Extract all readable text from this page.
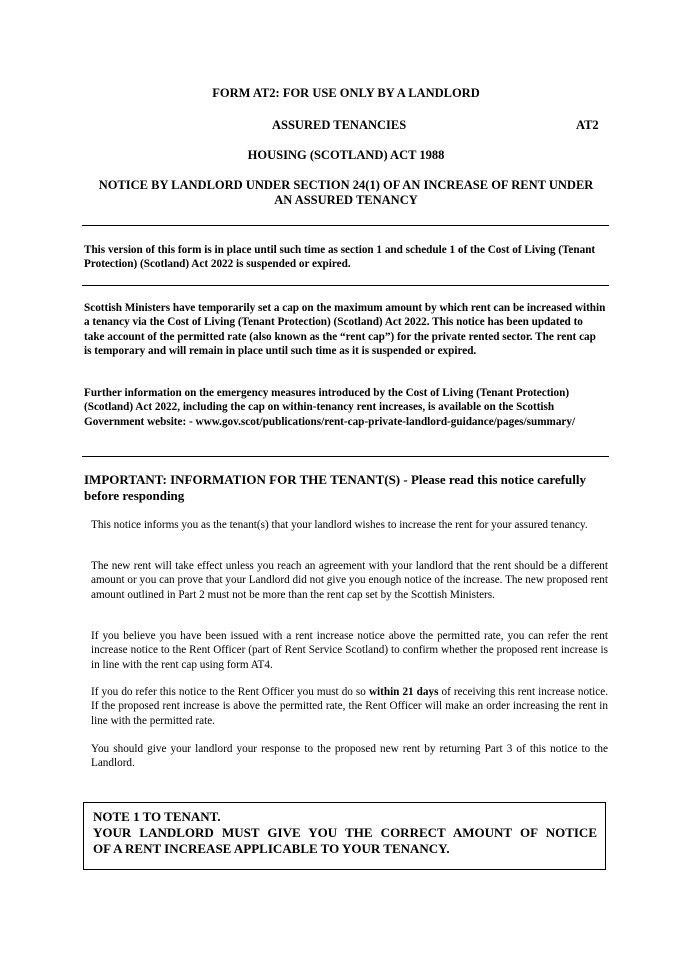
FORM AT2: FOR USE ONLY BY A LANDLORD
ASSURED TENANCIES	AT2
HOUSING (SCOTLAND) ACT 1988
NOTICE BY LANDLORD UNDER SECTION 24(1) OF AN INCREASE OF RENT UNDER AN ASSURED TENANCY
This version of this form is in place until such time as section 1 and schedule 1 of the Cost of Living (Tenant Protection) (Scotland) Act 2022 is suspended or expired.
Scottish Ministers have temporarily set a cap on the maximum amount by which rent can be increased within a tenancy via the Cost of Living (Tenant Protection) (Scotland) Act 2022. This notice has been updated to take account of the permitted rate (also known as the “rent cap”) for the private rented sector. The rent cap is temporary and will remain in place until such time as it is suspended or expired.
Further information on the emergency measures introduced by the Cost of Living (Tenant Protection) (Scotland) Act 2022, including the cap on within-tenancy rent increases, is available on the Scottish Government website: - www.gov.scot/publications/rent-cap-private-landlord-guidance/pages/summary/
IMPORTANT: INFORMATION FOR THE TENANT(S) - Please read this notice carefully before responding
This notice informs you as the tenant(s) that your landlord wishes to increase the rent for your assured tenancy.
The new rent will take effect unless you reach an agreement with your landlord that the rent should be a different amount or you can prove that your Landlord did not give you enough notice of the increase. The new proposed rent amount outlined in Part 2 must not be more than the rent cap set by the Scottish Ministers.
If you believe you have been issued with a rent increase notice above the permitted rate, you can refer the rent increase notice to the Rent Officer (part of Rent Service Scotland) to confirm whether the proposed rent increase is in line with the rent cap using form AT4.
If you do refer this notice to the Rent Officer you must do so within 21 days of receiving this rent increase notice. If the proposed rent increase is above the permitted rate, the Rent Officer will make an order increasing the rent in line with the permitted rate.
You should give your landlord your response to the proposed new rent by returning Part 3 of this notice to the Landlord.
NOTE 1 TO TENANT.
YOUR LANDLORD MUST GIVE YOU THE CORRECT AMOUNT OF NOTICE
OF A RENT INCREASE APPLICABLE TO YOUR TENANCY.
